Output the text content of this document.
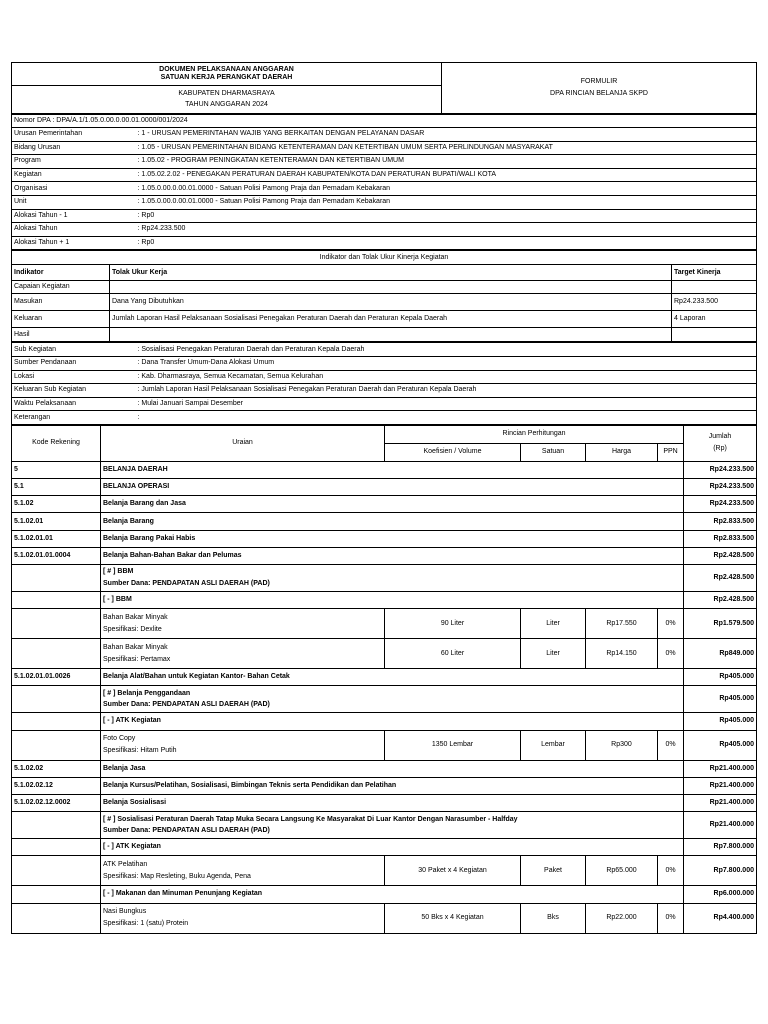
DOKUMEN PELAKSANAAN ANGGARAN
SATUAN KERJA PERANGKAT DAERAH

FORMULIR
DPA RINCIAN BELANJA SKPD

KABUPATEN DHARMASRAYA
TAHUN ANGGARAN 2024
Nomor DPA : DPA/A.1/1.05.0.00.0.00.01.0000/001/2024	
Urusan Pemerintahan	: 1 - URUSAN PEMERINTAHAN WAJIB YANG BERKAITAN DENGAN PELAYANAN DASAR
Bidang Urusan	: 1.05 - URUSAN PEMERINTAHAN BIDANG KETENTERAMAN DAN KETERTIBAN UMUM SERTA PERLINDUNGAN MASYARAKAT
Program	: 1.05.02 - PROGRAM PENINGKATAN KETENTERAMAN DAN KETERTIBAN UMUM
Kegiatan	: 1.05.02.2.02 - PENEGAKAN PERATURAN DAERAH KABUPATEN/KOTA DAN PERATURAN BUPATI/WALI KOTA
Organisasi	: 1.05.0.00.0.00.01.0000 - Satuan Polisi Pamong Praja dan Pemadam Kebakaran
Unit	: 1.05.0.00.0.00.01.0000 - Satuan Polisi Pamong Praja dan Pemadam Kebakaran
Alokasi Tahun - 1	: Rp0
Alokasi Tahun	: Rp24.233.500
Alokasi Tahun + 1	: Rp0
Indikator dan Tolak Ukur Kinerja Kegiatan		
Indikator	Tolak Ukur Kerja	Target Kinerja
Capaian Kegiatan		
Masukan	Dana Yang Dibutuhkan	Rp24.233.500
Keluaran	Jumlah Laporan Hasil Pelaksanaan Sosialisasi Penegakan Peraturan Daerah dan Peraturan Kepala Daerah	4 Laporan
Hasil		
Sub Kegiatan	: Sosialisasi Penegakan Peraturan Daerah dan Peraturan Kepala Daerah
Sumber Pendanaan	: Dana Transfer Umum-Dana Alokasi Umum
Lokasi	: Kab. Dharmasraya, Semua Kecamatan, Semua Kelurahan
Keluaran Sub Kegiatan	: Jumlah Laporan Hasil Pelaksanaan Sosialisasi Penegakan Peraturan Daerah dan Peraturan Kepala Daerah
Waktu Pelaksanaan	: Mulai Januari Sampai Desember
Keterangan	:
Kode Rekening	Uraian	Rincian Perhitungan				Jumlah
(Rp)

		Koefisien / Volume	Satuan	Harga	PPN	
5	BELANJA DAERAH					Rp24.233.500
5.1	BELANJA OPERASI					Rp24.233.500
5.1.02	Belanja Barang dan Jasa					Rp24.233.500
5.1.02.01	Belanja Barang					Rp2.833.500
5.1.02.01.01	Belanja Barang Pakai Habis					Rp2.833.500
5.1.02.01.01.0004	Belanja Bahan-Bahan Bakar dan Pelumas					Rp2.428.500

	[ # ] BBM
Sumber Dana: PENDAPATAN ASLI DAERAH (PAD)					Rp2.428.500
	[ - ] BBM					Rp2.428.500

	Bahan Bakar Minyak
Spesifikasi: Dexlite	90 Liter	Liter	Rp17.550	0%	Rp1.579.500

	Bahan Bakar Minyak
Spesifikasi: Pertamax	60 Liter	Liter	Rp14.150	0%	Rp849.000
5.1.02.01.01.0026	Belanja Alat/Bahan untuk Kegiatan Kantor- Bahan Cetak					Rp405.000

	[ # ] Belanja Penggandaan
Sumber Dana: PENDAPATAN ASLI DAERAH (PAD)					Rp405.000
	[ - ] ATK Kegiatan					Rp405.000

	Foto Copy
Spesifikasi: Hitam Putih	1350 Lembar	Lembar	Rp300	0%	Rp405.000
5.1.02.02	Belanja Jasa					Rp21.400.000
5.1.02.02.12	Belanja Kursus/Pelatihan, Sosialisasi, Bimbingan Teknis serta Pendidikan dan Pelatihan					Rp21.400.000
5.1.02.02.12.0002	Belanja Sosialisasi					Rp21.400.000

	[ # ] Sosialisasi Peraturan Daerah Tatap Muka Secara Langsung Ke Masyarakat Di Luar Kantor Dengan Narasumber - Halfday
Sumber Dana: PENDAPATAN ASLI DAERAH (PAD)					Rp21.400.000
	[ - ] ATK Kegiatan					Rp7.800.000

	ATK Pelatihan
Spesifikasi: Map Resleting, Buku Agenda, Pena	30 Paket x 4 Kegiatan	Paket	Rp65.000	0%	Rp7.800.000
	[ - ] Makanan dan Minuman Penunjang Kegiatan					Rp6.000.000

	Nasi Bungkus
Spesifikasi: 1 (satu) Protein	50 Bks x 4 Kegiatan	Bks	Rp22.000	0%	Rp4.400.000
